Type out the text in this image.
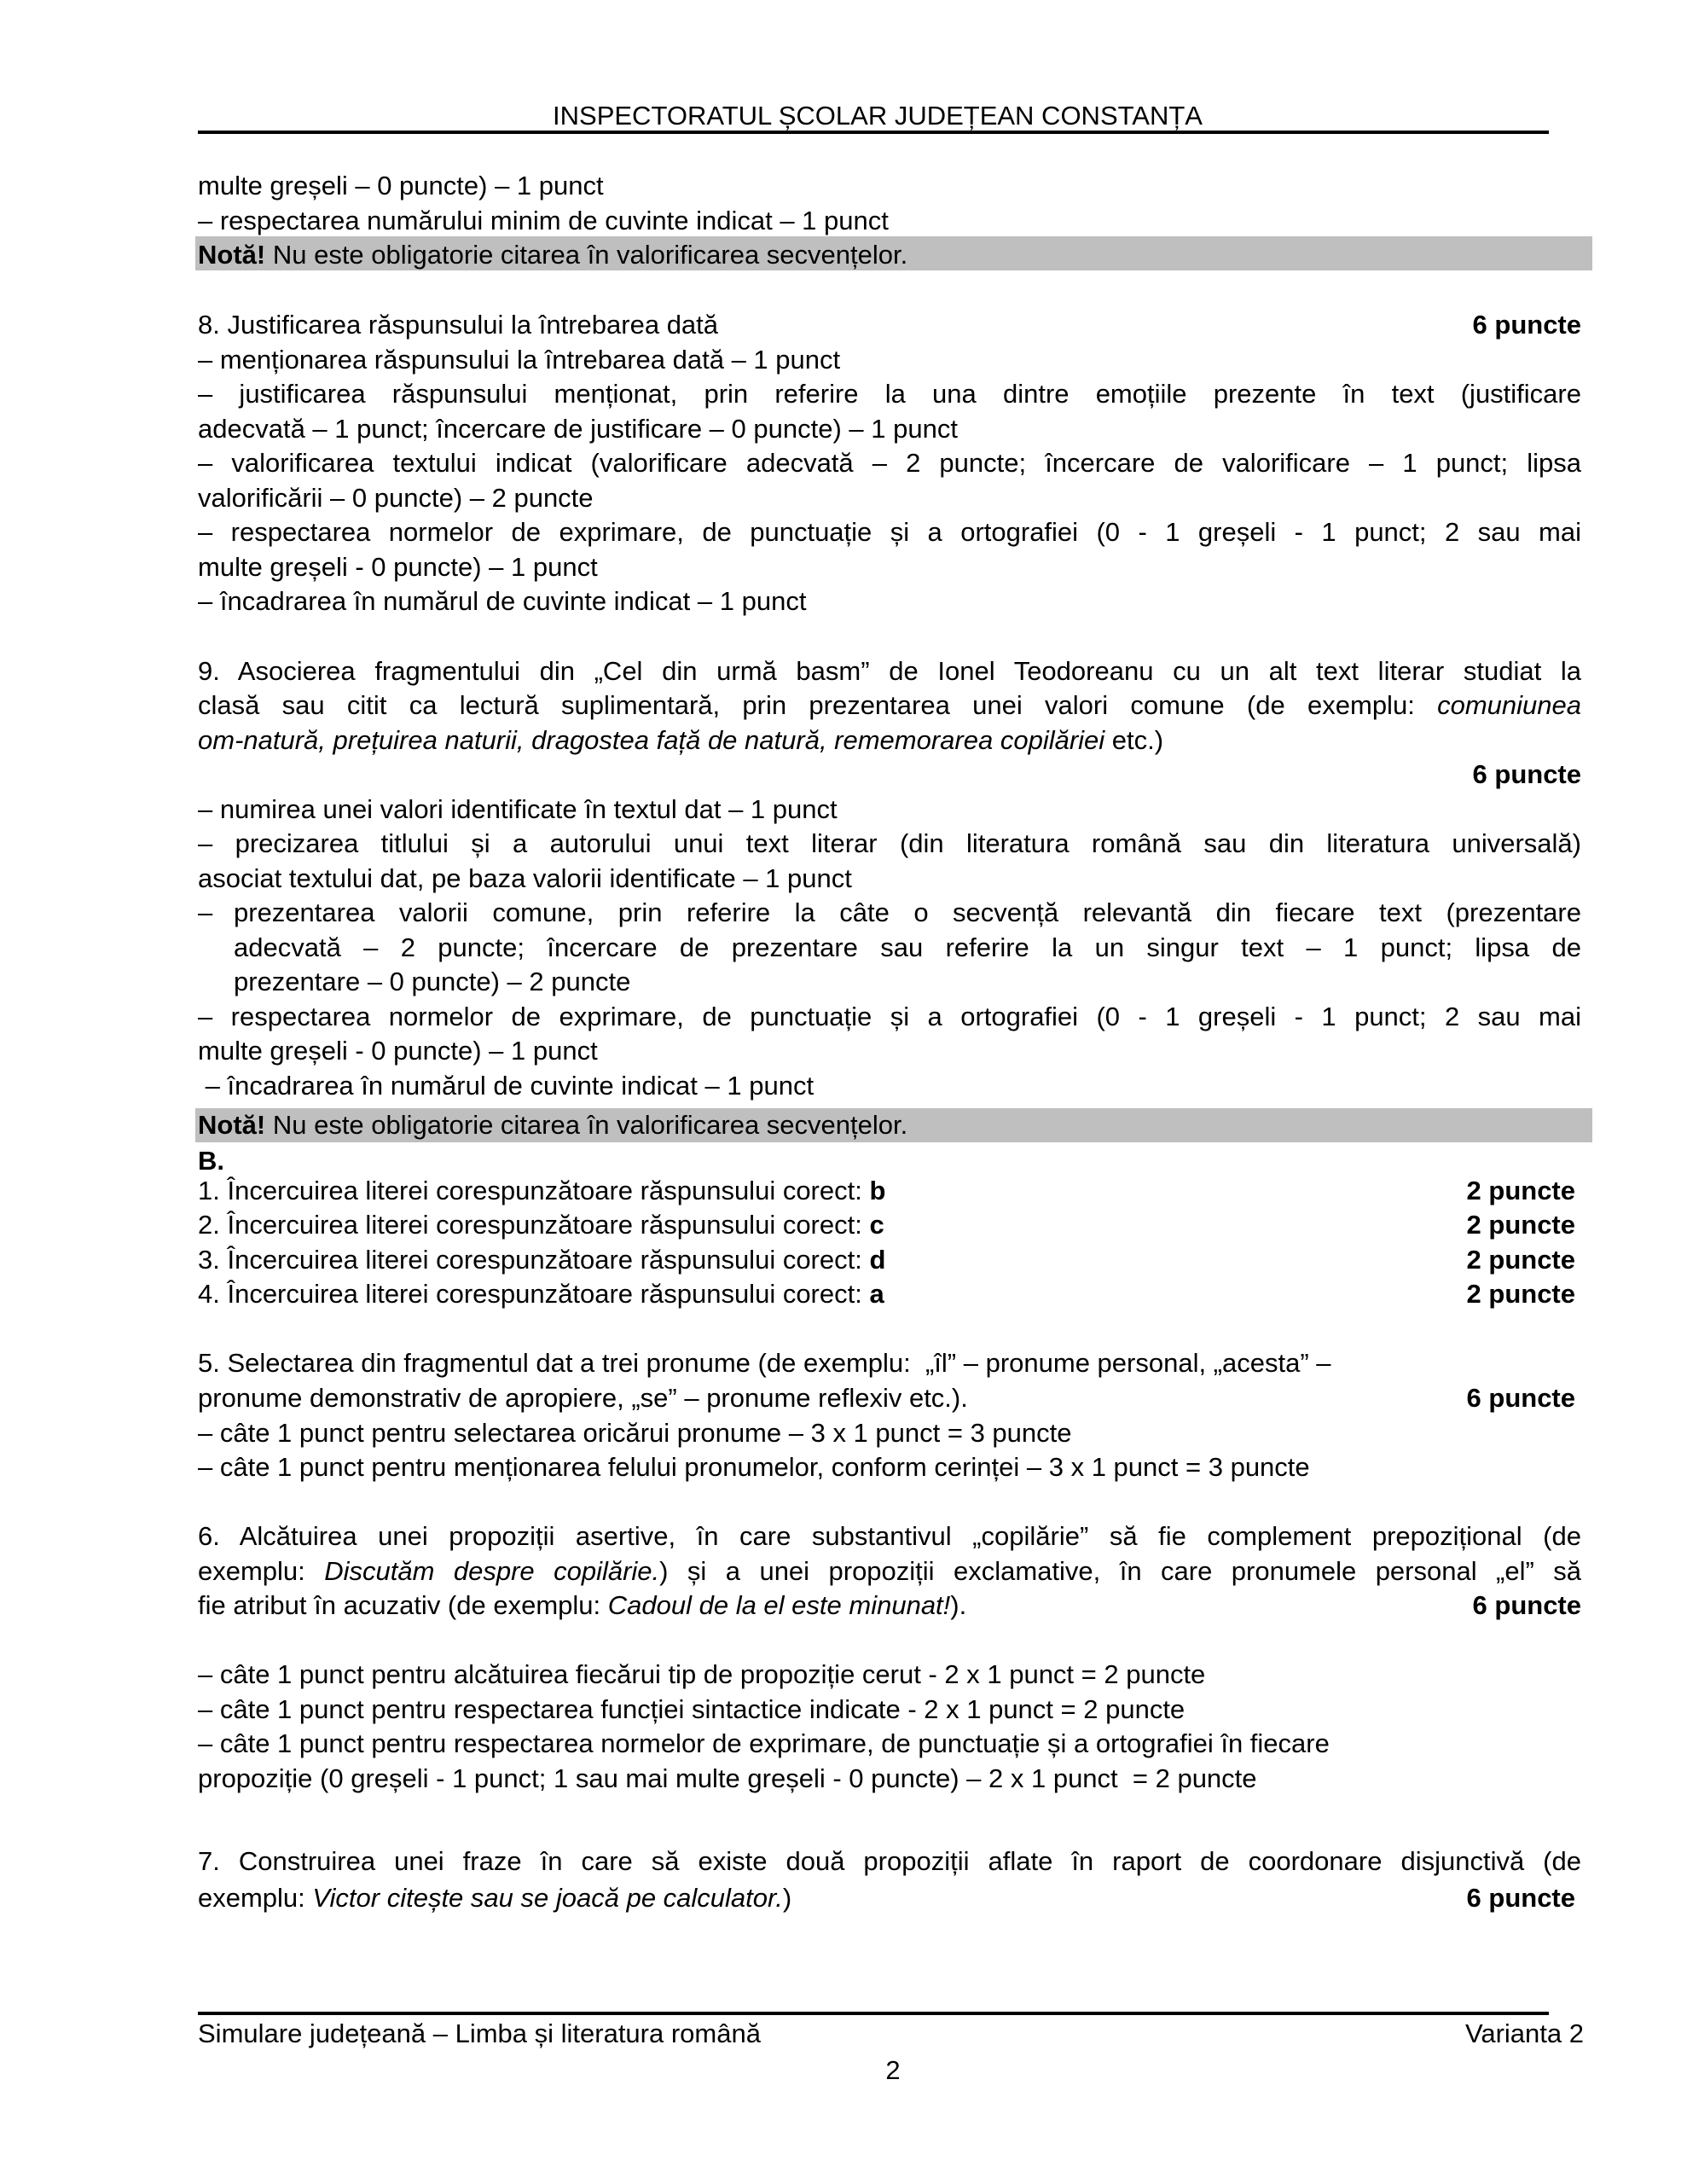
INSPECTORATUL ȘCOLAR JUDEȚEAN CONSTANȚA
multe greșeli – 0 puncte) – 1 punct
– respectarea numărului minim de cuvinte indicat – 1 punct
Notă! Nu este obligatorie citarea în valorificarea secvențelor.
8. Justificarea răspunsului la întrebarea dată	6 puncte
– menționarea răspunsului la întrebarea dată – 1 punct
– justificarea răspunsului menționat, prin referire la una dintre emoțiile prezente în text (justificare
adecvată – 1 punct; încercare de justificare – 0 puncte) – 1 punct
– valorificarea textului indicat (valorificare adecvată – 2 puncte; încercare de valorificare – 1 punct; lipsa
valorificării – 0 puncte) – 2 puncte
– respectarea normelor de exprimare, de punctuație și a ortografiei (0 - 1 greșeli - 1 punct; 2 sau mai
multe greșeli - 0 puncte) – 1 punct
– încadrarea în numărul de cuvinte indicat – 1 punct
9. Asocierea fragmentului din „Cel din urmă basm” de Ionel Teodoreanu cu un alt text literar studiat la
clasă sau citit ca lectură suplimentară, prin prezentarea unei valori comune (de exemplu: comuniunea
om-natură, prețuirea naturii, dragostea față de natură, rememorarea copilăriei etc.)
6 puncte
– numirea unei valori identificate în textul dat – 1 punct
– precizarea titlului și a autorului unui text literar (din literatura română sau din literatura universală)
asociat textului dat, pe baza valorii identificate – 1 punct
– prezentarea valorii comune, prin referire la câte o secvență relevantă din fiecare text (prezentare
adecvată – 2 puncte; încercare de prezentare sau referire la un singur text – 1 punct; lipsa de
prezentare – 0 puncte) – 2 puncte
– respectarea normelor de exprimare, de punctuație și a ortografiei (0 - 1 greșeli - 1 punct; 2 sau mai
multe greșeli - 0 puncte) – 1 punct
– încadrarea în numărul de cuvinte indicat – 1 punct
Notă! Nu este obligatorie citarea în valorificarea secvențelor.
B.
1. Încercuirea literei corespunzătoare răspunsului corect: b	2 puncte
2. Încercuirea literei corespunzătoare răspunsului corect: c	2 puncte
3. Încercuirea literei corespunzătoare răspunsului corect: d	2 puncte
4. Încercuirea literei corespunzătoare răspunsului corect: a	2 puncte
5. Selectarea din fragmentul dat a trei pronume (de exemplu:  „îl” – pronume personal, „acesta” –
pronume demonstrativ de apropiere, „se” – pronume reflexiv etc.).	6 puncte
– câte 1 punct pentru selectarea oricărui pronume – 3 x 1 punct = 3 puncte
– câte 1 punct pentru menționarea felului pronumelor, conform cerinței – 3 x 1 punct = 3 puncte
6. Alcătuirea unei propoziții asertive, în care substantivul „copilărie” să fie complement prepozițional (de
exemplu: Discutăm despre copilărie.) și a unei propoziții exclamative, în care pronumele personal „el” să
fie atribut în acuzativ (de exemplu: Cadoul de la el este minunat!).	6 puncte
– câte 1 punct pentru alcătuirea fiecărui tip de propoziție cerut - 2 x 1 punct = 2 puncte
– câte 1 punct pentru respectarea funcției sintactice indicate - 2 x 1 punct = 2 puncte
– câte 1 punct pentru respectarea normelor de exprimare, de punctuație și a ortografiei în fiecare
propoziție (0 greșeli - 1 punct; 1 sau mai multe greșeli - 0 puncte) – 2 x 1 punct  = 2 puncte
7. Construirea unei fraze în care să existe două propoziții aflate în raport de coordonare disjunctivă (de
exemplu: Victor citește sau se joacă pe calculator.)	6 puncte
Simulare județeană – Limba și literatura română	Varianta 2
2
